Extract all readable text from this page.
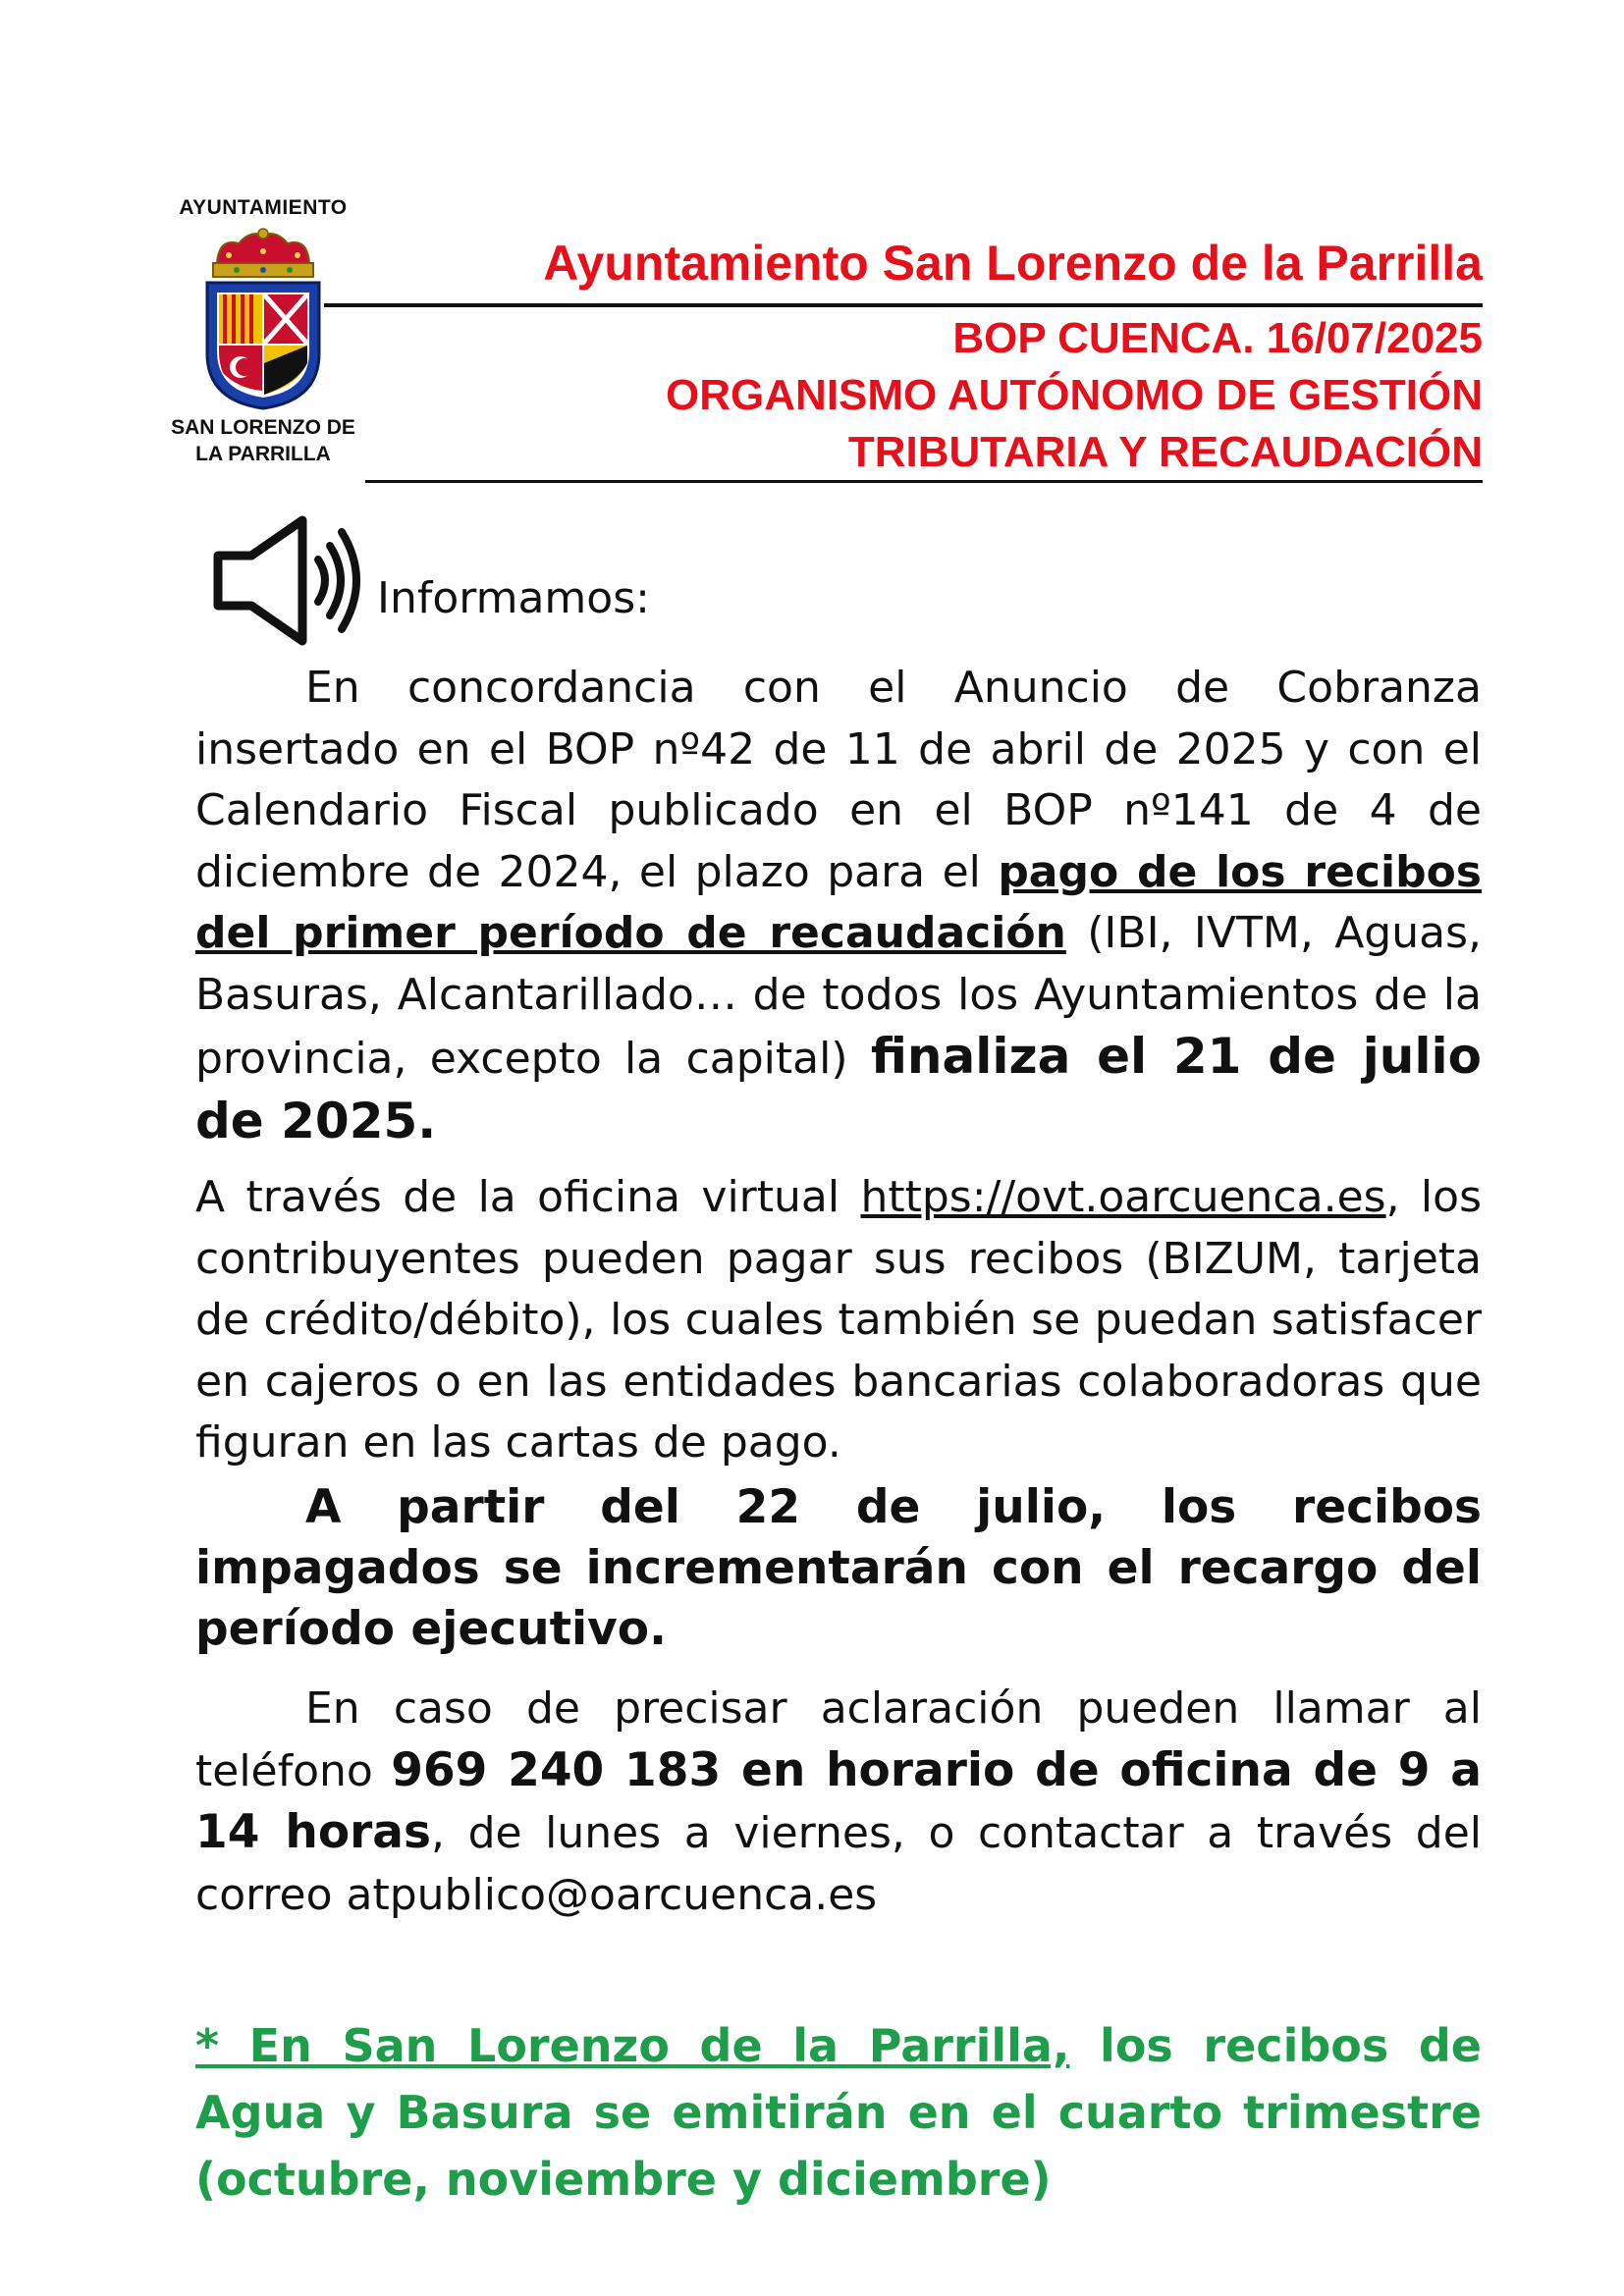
AYUNTAMIENTO
SAN LORENZO DE
LA PARRILLA
Ayuntamiento San Lorenzo de la Parrilla
BOP CUENCA. 16/07/2025
ORGANISMO AUTÓNOMO DE GESTIÓN
TRIBUTARIA Y RECAUDACIÓN
Informamos:
En concordancia con el Anuncio de Cobranza insertado en el BOP nº42 de 11 de abril de 2025 y con el Calendario Fiscal publicado en el BOP nº141 de 4 de diciembre de 2024, el plazo para el pago de los recibos del primer período de recaudación (IBI, IVTM, Aguas, Basuras, Alcantarillado… de todos los Ayuntamientos de la provincia, excepto la capital) finaliza el 21 de julio de 2025.
A través de la oficina virtual https://ovt.oarcuenca.es, los contribuyentes pueden pagar sus recibos (BIZUM, tarjeta de crédito/débito), los cuales también se puedan satisfacer en cajeros o en las entidades bancarias colaboradoras que figuran en las cartas de pago.
A partir del 22 de julio, los recibos impagados se incrementarán con el recargo del período ejecutivo.
En caso de precisar aclaración pueden llamar al teléfono 969 240 183 en horario de oficina de 9 a 14 horas, de lunes a viernes, o contactar a través del correo atpublico@oarcuenca.es
* En San Lorenzo de la Parrilla, los recibos de Agua y Basura se emitirán en el cuarto trimestre (octubre, noviembre y diciembre)
